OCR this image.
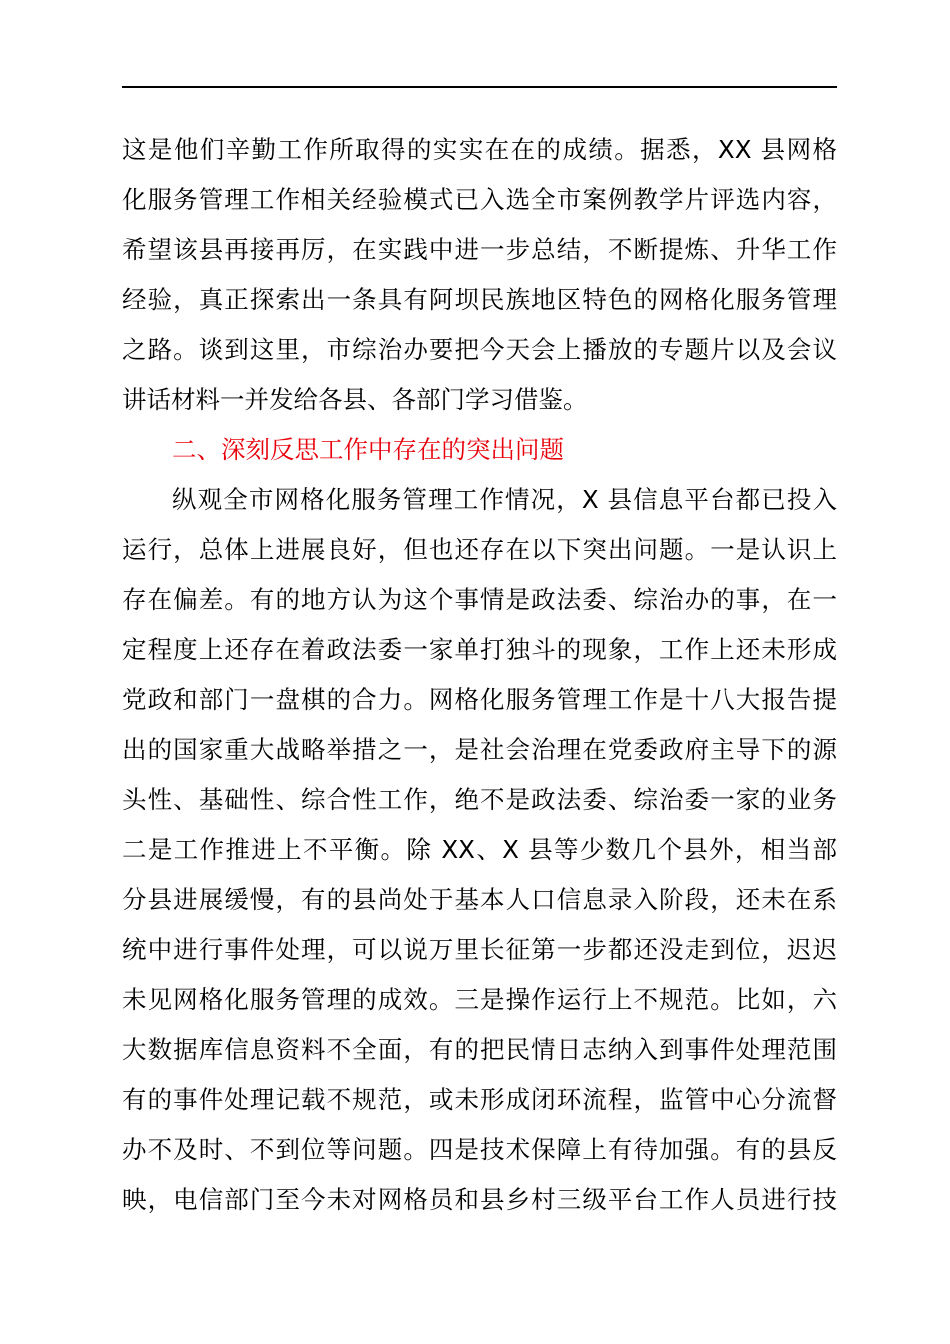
这是他们辛勤工作所取得的实实在在的成绩。据悉，XX 县网格
化服务管理工作相关经验模式已入选全市案例教学片评选内容，
希望该县再接再厉，在实践中进一步总结，不断提炼、升华工作
经验，真正探索出一条具有阿坝民族地区特色的网格化服务管理
之路。谈到这里，市综治办要把今天会上播放的专题片以及会议
讲话材料一并发给各县、各部门学习借鉴。
二、深刻反思工作中存在的突出问题
纵观全市网格化服务管理工作情况，X 县信息平台都已投入
运行，总体上进展良好，但也还存在以下突出问题。一是认识上
存在偏差。有的地方认为这个事情是政法委、综治办的事，在一
定程度上还存在着政法委一家单打独斗的现象，工作上还未形成
党政和部门一盘棋的合力。网格化服务管理工作是十八大报告提
出的国家重大战略举措之一，是社会治理在党委政府主导下的源
头性、基础性、综合性工作，绝不是政法委、综治委一家的业务
二是工作推进上不平衡。除 XX、X 县等少数几个县外，相当部
分县进展缓慢，有的县尚处于基本人口信息录入阶段，还未在系
统中进行事件处理，可以说万里长征第一步都还没走到位，迟迟
未见网格化服务管理的成效。三是操作运行上不规范。比如，六
大数据库信息资料不全面，有的把民情日志纳入到事件处理范围
有的事件处理记载不规范，或未形成闭环流程，监管中心分流督
办不及时、不到位等问题。四是技术保障上有待加强。有的县反
映，电信部门至今未对网格员和县乡村三级平台工作人员进行技
